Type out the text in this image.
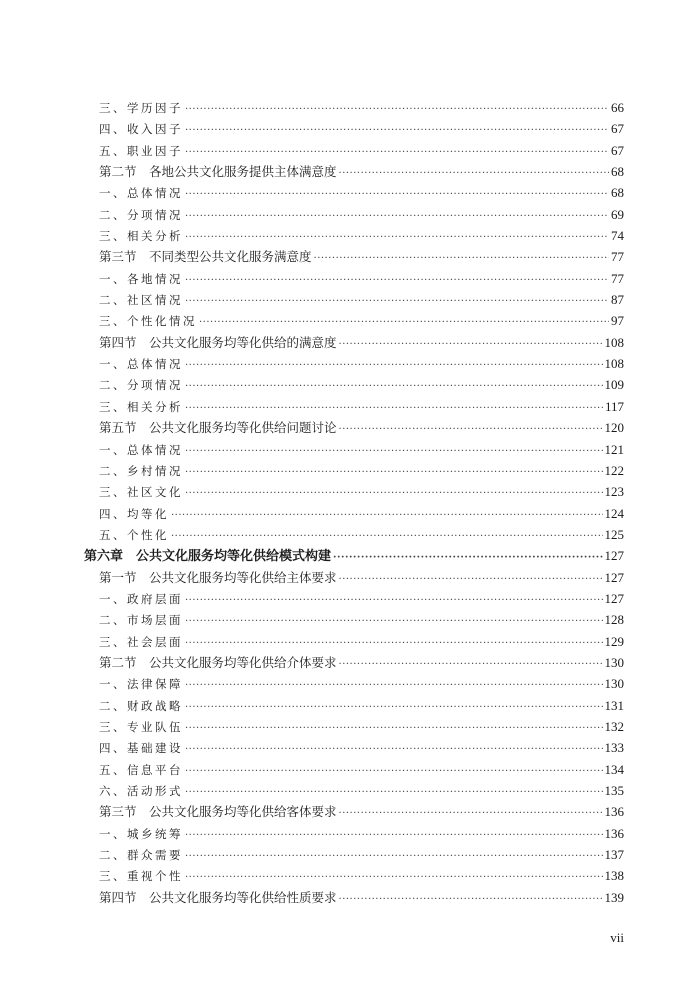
三、学历因子 ·····	66
四、收入因子 ·····	67
五、职业因子 ·····	67
第二节　各地公共文化服务提供主体满意度 ·····	68
一、总体情况 ·····	68
二、分项情况 ·····	69
三、相关分析 ·····	74
第三节　不同类型公共文化服务满意度 ·····	77
一、各地情况 ·····	77
二、社区情况 ·····	87
三、个性化情况 ·····	97
第四节　公共文化服务均等化供给的满意度 ·····	108
一、总体情况 ·····	108
二、分项情况 ·····	109
三、相关分析 ·····	117
第五节　公共文化服务均等化供给问题讨论 ·····	120
一、总体情况 ·····	121
二、乡村情况 ·····	122
三、社区文化 ·····	123
四、均等化 ·····	124
五、个性化 ·····	125
第六章　公共文化服务均等化供给模式构建 ·····	127
第一节　公共文化服务均等化供给主体要求 ·····	127
一、政府层面 ·····	127
二、市场层面 ·····	128
三、社会层面 ·····	129
第二节　公共文化服务均等化供给介体要求 ·····	130
一、法律保障 ·····	130
二、财政战略 ·····	131
三、专业队伍 ·····	132
四、基础建设 ·····	133
五、信息平台 ·····	134
六、活动形式 ·····	135
第三节　公共文化服务均等化供给客体要求 ·····	136
一、城乡统筹 ·····	136
二、群众需要 ·····	137
三、重视个性 ·····	138
第四节　公共文化服务均等化供给性质要求 ·····	139
vii
